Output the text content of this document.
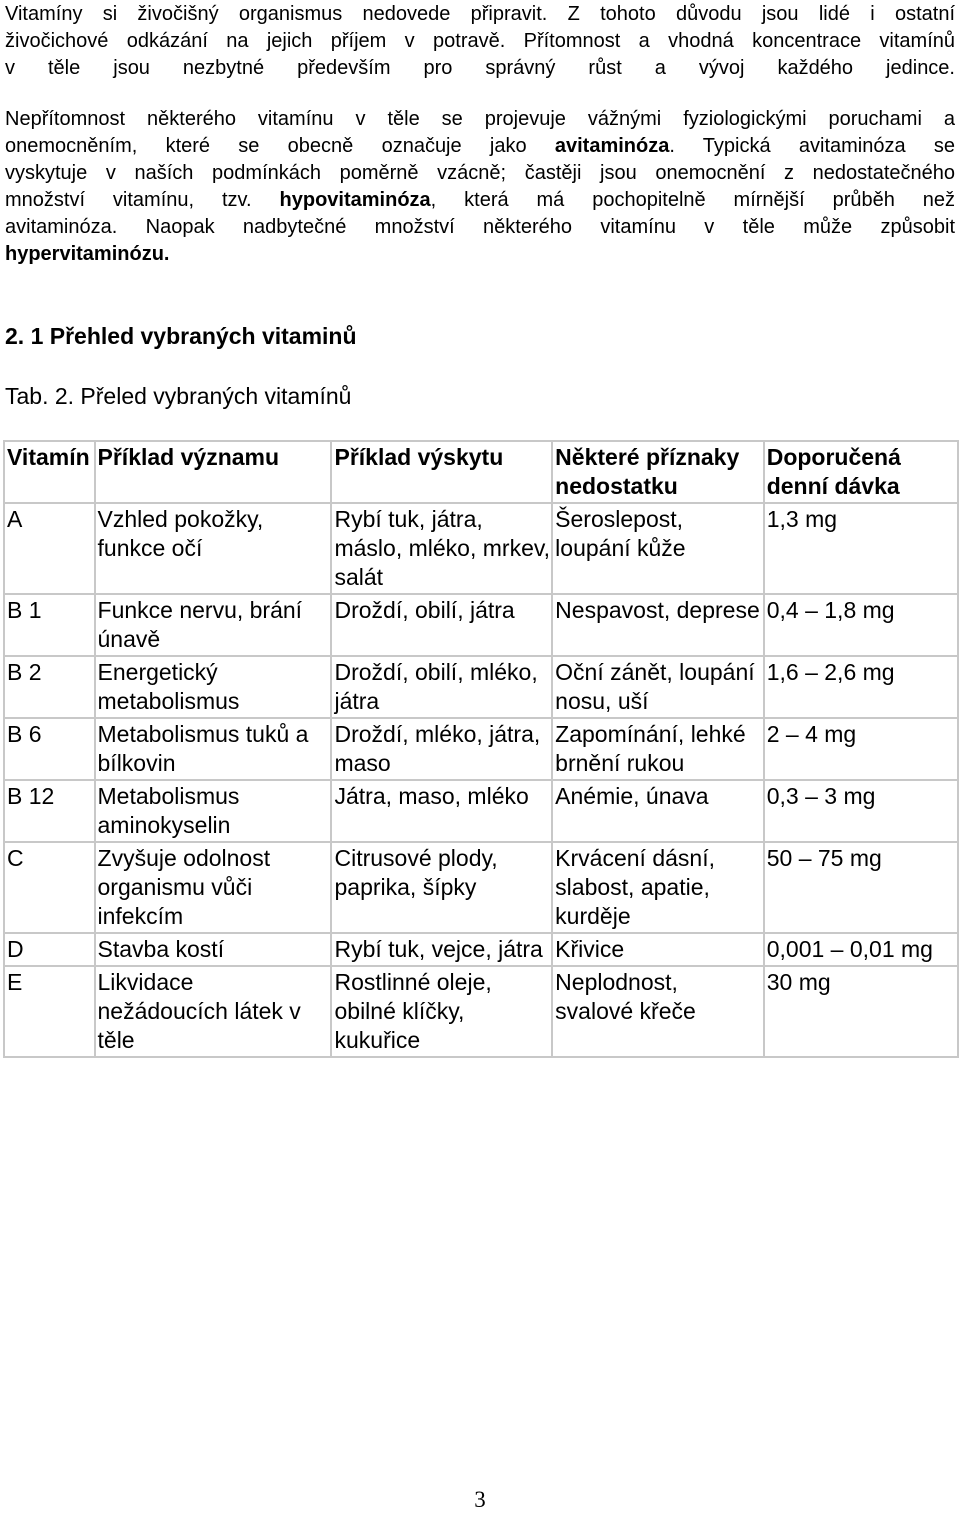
Vitamíny si živočišný organismus nedovede připravit. Z tohoto důvodu jsou lidé i ostatní
živočichové odkázání na jejich příjem v potravě. Přítomnost a vhodná koncentrace vitamínů
v těle jsou nezbytné především pro správný růst a vývoj každého jedince.

Nepřítomnost některého vitamínu v těle se projevuje vážnými fyziologickými poruchami a
onemocněním, které se obecně označuje jako avitaminóza. Typická avitaminóza se
vyskytuje v naších podmínkách poměrně vzácně; častěji jsou onemocnění z nedostatečného
množství vitamínu, tzv. hypovitaminóza, která má pochopitelně mírnější průběh než
avitaminóza. Naopak nadbytečné množství některého vitamínu v těle může způsobit
hypervitaminózu.

2. 1 Přehled vybraných vitaminů

Tab. 2. Přeled vybraných vitamínů

Vitamín	Příklad významu	Příklad výskytu	Některé příznaky nedostatku	Doporučená denní dávka
A	Vzhled pokožky, funkce očí	Rybí tuk, játra, máslo, mléko, mrkev, salát	Šeroslepost, loupání kůže	1,3 mg
B 1	Funkce nervu, brání únavě	Droždí, obilí, játra	Nespavost, deprese	0,4 – 1,8 mg
B 2	Energetický metabolismus	Droždí, obilí, mléko, játra	Oční zánět, loupání nosu, uší	1,6 – 2,6 mg
B 6	Metabolismus tuků a bílkovin	Droždí, mléko, játra, maso	Zapomínání, lehké brnění rukou	2 – 4 mg
B 12	Metabolismus aminokyselin	Játra, maso, mléko	Anémie, únava	0,3 – 3 mg
C	Zvyšuje odolnost organismu vůči infekcím	Citrusové plody, paprika, šípky	Krvácení dásní, slabost, apatie, kurděje	50 – 75 mg
D	Stavba kostí	Rybí tuk, vejce, játra	Křivice	0,001 – 0,01 mg
E	Likvidace nežádoucích látek v těle	Rostlinné oleje, obilné klíčky, kukuřice	Neplodnost, svalové křeče	30 mg

3
